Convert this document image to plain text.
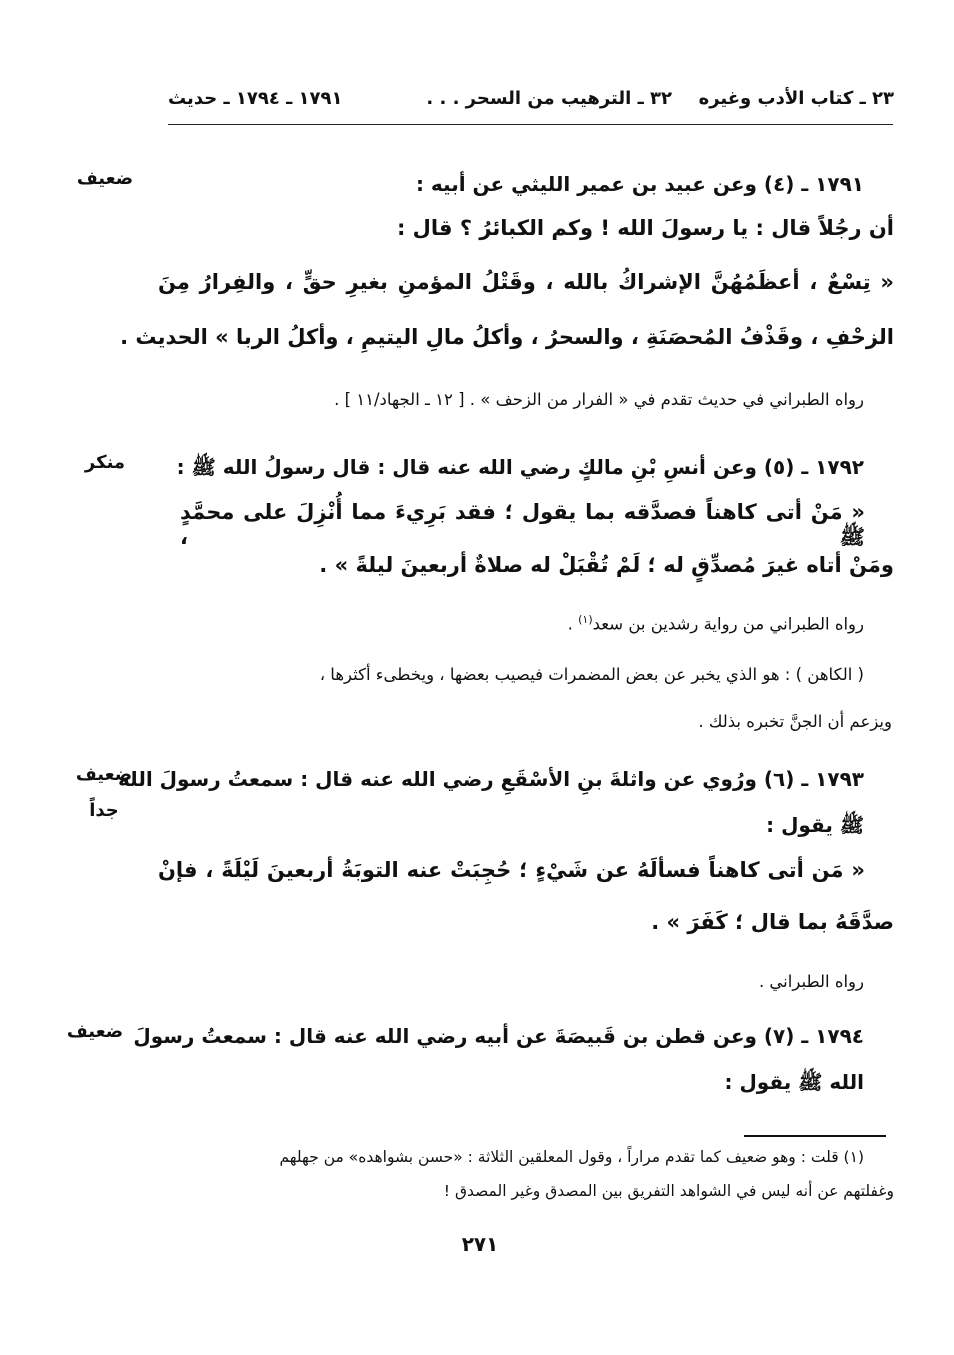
٢٣ ـ كتاب الأدب وغيره
٣٢ ـ الترهيب من السحر . . .
١٧٩١ ـ ١٧٩٤ ـ حديث
ضعيف	١٧٩١ ـ (٤) وعن عبيد بن عمير الليثي عن أبيه :
أن رجُلاً قال : يا رسولَ الله ! وكم الكبائرُ ؟ قال :
« تِسْعٌ ، أعظَمُهُنَّ الإشراكُ بالله ، وقَتْلُ المؤمنِ بغيرِ حقٍّ ، والفِرارُ مِنَ
الزحْفِ ، وقَذْفُ المُحصَنَةِ ، والسحرُ ، وأكلُ مالِ اليتيمِ ، وأكلُ الربا » الحديث .
رواه الطبراني في حديث تقدم في « الفرار من الزحف » . [ ١٢ ـ الجهاد/١١ ] .
منكر	١٧٩٢ ـ (٥) وعن أنسِ بْنِ مالكٍ رضي الله عنه قال : قال رسولُ الله ﷺ :
« مَنْ أتى كاهناً فصدَّقه بما يقول ؛ فقد بَرِيءَ مما أُنْزِلَ على محمَّدٍ ﷺ ،
ومَنْ أتاه غيرَ مُصدِّقٍ له ؛ لَمْ تُقْبَلْ له صلاةٌ أربعينَ ليلةً » .
رواه الطبراني من رواية رشدين بن سعد$^{(١)}$ .
( الكاهن ) : هو الذي يخبر عن بعض المضمرات فيصيب بعضها ، ويخطىء أكثرها ،
ويزعم أن الجنَّ تخبره بذلك .
ضعيف
جداً
١٧٩٣ ـ (٦) ورُوي عن واثلةَ بنِ الأسْقَعِ رضي الله عنه قال : سمعتُ رسولَ الله
ﷺ يقول :
« مَن أتى كاهناً فسألَهُ عن شَيْءٍ ؛ حُجِبَتْ عنه التوبَةُ أربعينَ لَيْلَةً ، فإنْ
صدَّقَهُ بما قال ؛ كَفَرَ » .
رواه الطبراني .
ضعيف ١٧٩٤ ـ (٧) وعن قطن بن قَبيصَةَ عن أبيه رضي الله عنه قال : سمعتُ رسولَ
الله ﷺ يقول :
(١) قلت : وهو ضعيف كما تقدم مراراً ، وقول المعلقين الثلاثة : «حسن بشواهده» من جهلهم
وغفلتهم عن أنه ليس في الشواهد التفريق بين المصدق وغير المصدق !
٢٧١
